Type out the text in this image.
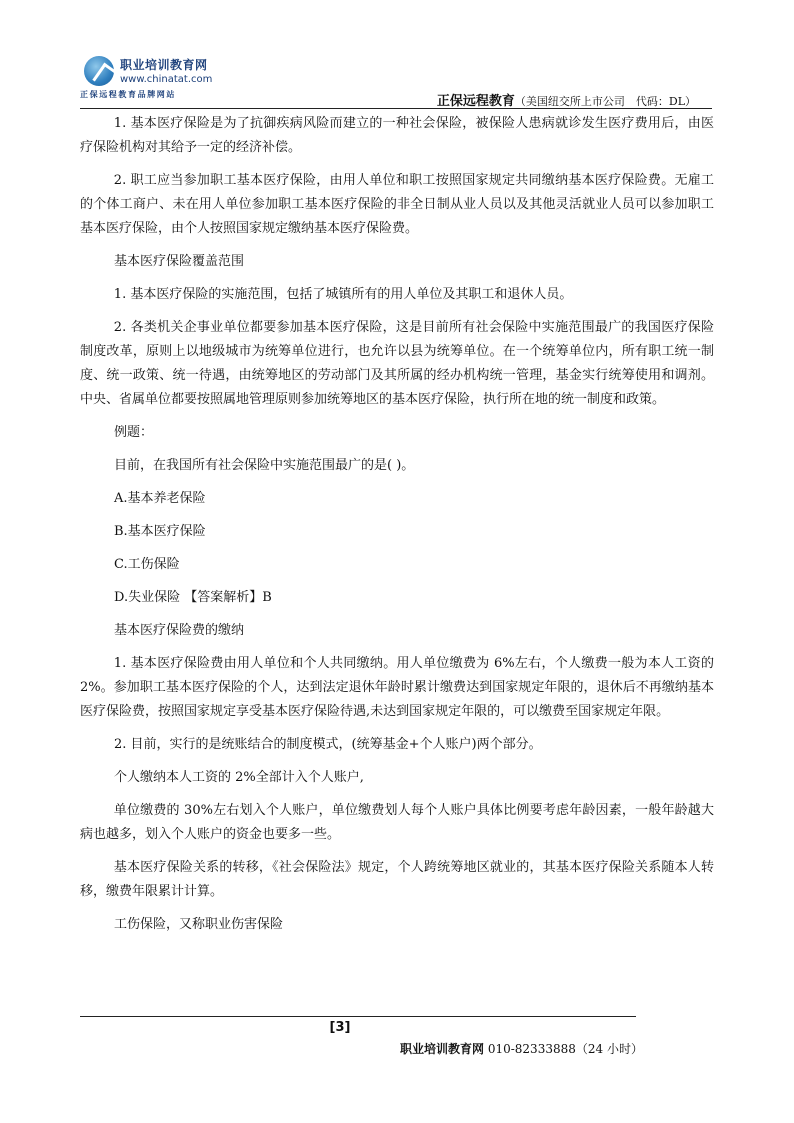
职业培训教育网
www.chinatat.com
正保远程教育品牌网站	正保远程教育（美国纽交所上市公司　代码：DL）

1. 基本医疗保险是为了抗御疾病风险而建立的一种社会保险，被保险人患病就诊发生医疗费用后，由医疗保险机构对其给予一定的经济补偿。

2. 职工应当参加职工基本医疗保险，由用人单位和职工按照国家规定共同缴纳基本医疗保险费。无雇工的个体工商户、未在用人单位参加职工基本医疗保险的非全日制从业人员以及其他灵活就业人员可以参加职工基本医疗保险，由个人按照国家规定缴纳基本医疗保险费。

基本医疗保险覆盖范围

1. 基本医疗保险的实施范围，包括了城镇所有的用人单位及其职工和退休人员。

2. 各类机关企事业单位都要参加基本医疗保险，这是目前所有社会保险中实施范围最广的我国医疗保险制度改革，原则上以地级城市为统筹单位进行，也允许以县为统筹单位。在一个统筹单位内，所有职工统一制度、统一政策、统一待遇，由统筹地区的劳动部门及其所属的经办机构统一管理，基金实行统筹使用和调剂。中央、省属单位都要按照属地管理原则参加统筹地区的基本医疗保险，执行所在地的统一制度和政策。

例题：

目前，在我国所有社会保险中实施范围最广的是( )。

A.基本养老保险

B.基本医疗保险

C.工伤保险

D.失业保险 【答案解析】B

基本医疗保险费的缴纳

1. 基本医疗保险费由用人单位和个人共同缴纳。用人单位缴费为 6%左右，个人缴费一般为本人工资的 2%。参加职工基本医疗保险的个人，达到法定退休年龄时累计缴费达到国家规定年限的，退休后不再缴纳基本医疗保险费，按照国家规定享受基本医疗保险待遇,未达到国家规定年限的，可以缴费至国家规定年限。

2. 目前，实行的是统账结合的制度模式，(统筹基金+个人账户)两个部分。

个人缴纳本人工资的 2%全部计入个人账户,

单位缴费的 30%左右划入个人账户，单位缴费划人每个人账户具体比例要考虑年龄因素，一般年龄越大病也越多，划入个人账户的资金也要多一些。

基本医疗保险关系的转移，《社会保险法》规定，个人跨统筹地区就业的，其基本医疗保险关系随本人转移，缴费年限累计计算。

工伤保险，又称职业伤害保险

[3]
职业培训教育网 010-82333888（24 小时）
